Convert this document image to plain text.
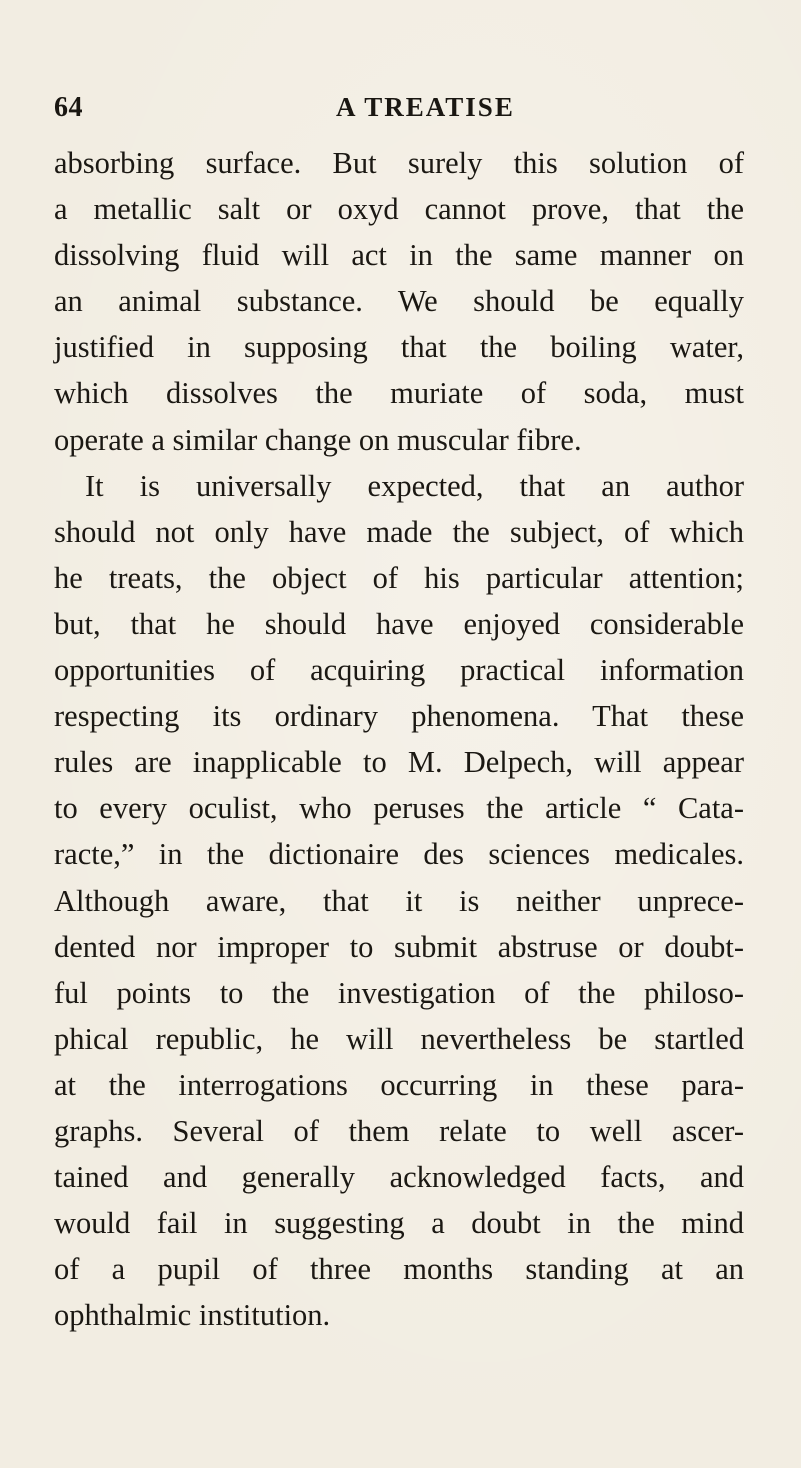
64	A TREATISE
absorbing surface. But surely this solution of
a metallic salt or oxyd cannot prove, that the
dissolving fluid will act in the same manner on
an animal substance. We should be equally
justified in supposing that the boiling water,
which dissolves the muriate of soda, must
operate a similar change on muscular fibre.
It is universally expected, that an author
should not only have made the subject, of which
he treats, the object of his particular attention;
but, that he should have enjoyed considerable
opportunities of acquiring practical information
respecting its ordinary phenomena. That these
rules are inapplicable to M. Delpech, will appear
to every oculist, who peruses the article “ Cata-
racte,” in the dictionaire des sciences medicales.
Although aware, that it is neither unprece-
dented nor improper to submit abstruse or doubt-
ful points to the investigation of the philoso-
phical republic, he will nevertheless be startled
at the interrogations occurring in these para-
graphs. Several of them relate to well ascer-
tained and generally acknowledged facts, and
would fail in suggesting a doubt in the mind
of a pupil of three months standing at an
ophthalmic institution.
